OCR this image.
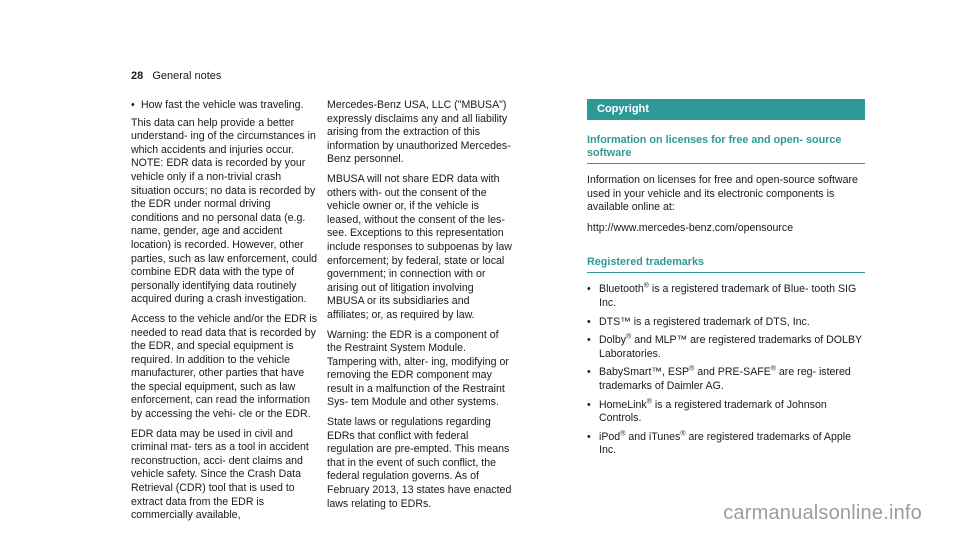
28 General notes
• How fast the vehicle was traveling.

This data can help provide a better understand- ing of the circumstances in which accidents and injuries occur. NOTE: EDR data is recorded by your vehicle only if a non-trivial crash situation occurs; no data is recorded by the EDR under normal driving conditions and no personal data (e.g. name, gender, age and accident location) is recorded. However, other parties, such as law enforcement, could combine EDR data with the type of personally identifying data routinely acquired during a crash investigation.

Access to the vehicle and/or the EDR is needed to read data that is recorded by the EDR, and special equipment is required. In addition to the vehicle manufacturer, other parties that have the special equipment, such as law enforcement, can read the information by accessing the vehi- cle or the EDR.

EDR data may be used in civil and criminal mat- ters as a tool in accident reconstruction, acci- dent claims and vehicle safety. Since the Crash Data Retrieval (CDR) tool that is used to extract data from the EDR is commercially available,

Mercedes-Benz USA, LLC ("MBUSA") expressly disclaims any and all liability arising from the extraction of this information by unauthorized Mercedes-Benz personnel.

MBUSA will not share EDR data with others with- out the consent of the vehicle owner or, if the vehicle is leased, without the consent of the les- see. Exceptions to this representation include responses to subpoenas by law enforcement; by federal, state or local government; in connection with or arising out of litigation involving MBUSA or its subsidiaries and affiliates; or, as required by law.

Warning: the EDR is a component of the Restraint System Module. Tampering with, alter- ing, modifying or removing the EDR component may result in a malfunction of the Restraint Sys- tem Module and other systems.

State laws or regulations regarding EDRs that conflict with federal regulation are pre-empted. This means that in the event of such conflict, the federal regulation governs. As of February 2013, 13 states have enacted laws relating to EDRs.

Copyright
Information on licenses for free and open- source software

Information on licenses for free and open-source software used in your vehicle and its electronic components is available online at:

http://www.mercedes-benz.com/opensource

Registered trademarks
• Bluetooth® is a registered trademark of Blue- tooth SIG Inc.
• DTS™ is a registered trademark of DTS, Inc.
• Dolby® and MLP™ are registered trademarks of DOLBY Laboratories.
• BabySmart™, ESP® and PRE-SAFE® are reg- istered trademarks of Daimler AG.
• HomeLink® is a registered trademark of Johnson Controls.
• iPod® and iTunes® are registered trademarks of Apple Inc.
carmanualsonline.info
